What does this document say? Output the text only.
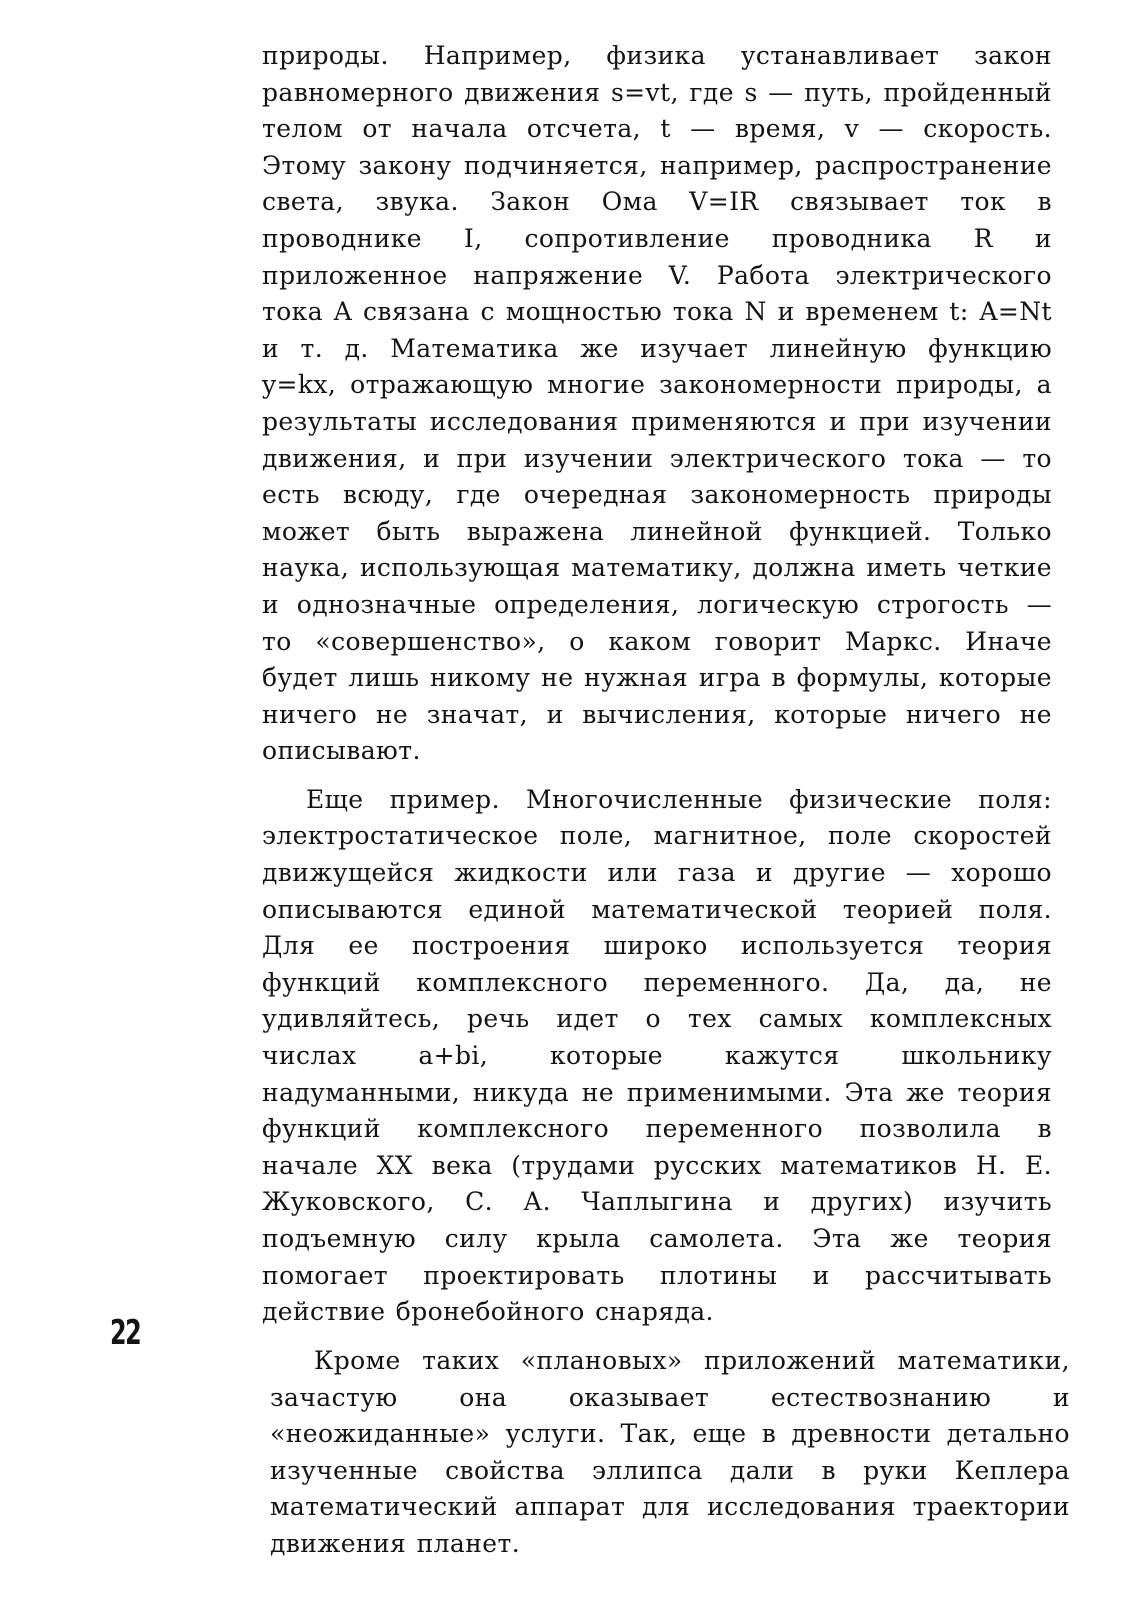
природы. Например, физика устанавливает закон равномерного движения s=vt, где s — путь, пройденный телом от начала отсчета, t — время, v — скорость. Этому закону подчиняется, например, распространение света, звука. Закон Ома V=IR связывает ток в проводнике I, сопротивление проводника R и приложенное напряжение V. Работа электрического тока A связана с мощностью тока N и временем t: A=Nt и т. д. Математика же изучает линейную функцию y=kx, отражающую многие закономерности природы, а результаты исследования применяются и при изучении движения, и при изучении электрического тока — то есть всюду, где очередная закономерность природы может быть выражена линейной функцией. Только наука, использующая математику, должна иметь четкие и однозначные определения, логическую строгость — то «совершенство», о каком говорит Маркс. Иначе будет лишь никому не нужная игра в формулы, которые ничего не значат, и вычисления, которые ничего не описывают.

Еще пример. Многочисленные физические поля: электростатическое поле, магнитное, поле скоростей движущейся жидкости или газа и другие — хорошо описываются единой математической теорией поля. Для ее построения широко используется теория функций комплексного переменного. Да, да, не удивляйтесь, речь идет о тех самых комплексных числах a+bi, которые кажутся школьнику надуманными, никуда не применимыми. Эта же теория функций комплексного переменного позволила в начале XX века (трудами русских математиков Н. Е. Жуковского, С. А. Чаплыгина и других) изучить подъемную силу крыла самолета. Эта же теория помогает проектировать плотины и рассчитывать действие бронебойного снаряда.

22

Кроме таких «плановых» приложений математики, зачастую она оказывает естествознанию и «неожиданные» услуги. Так, еще в древности детально изученные свойства эллипса дали в руки Кеплера математический аппарат для исследования траектории движения планет.
